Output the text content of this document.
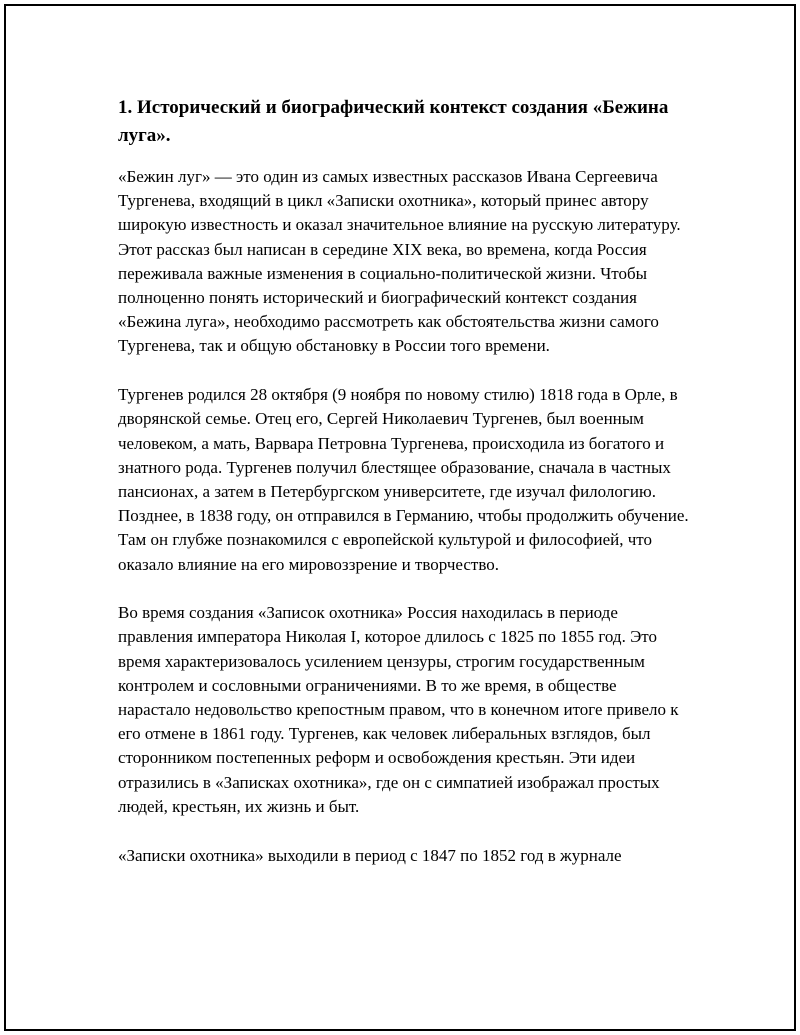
1. Исторический и биографический контекст создания «Бежина луга».

«Бежин луг» — это один из самых известных рассказов Ивана Сергеевича Тургенева, входящий в цикл «Записки охотника», который принес автору широкую известность и оказал значительное влияние на русскую литературу. Этот рассказ был написан в середине XIX века, во времена, когда Россия переживала важные изменения в социально-политической жизни. Чтобы полноценно понять исторический и биографический контекст создания «Бежина луга», необходимо рассмотреть как обстоятельства жизни самого Тургенева, так и общую обстановку в России того времени.

Тургенев родился 28 октября (9 ноября по новому стилю) 1818 года в Орле, в дворянской семье. Отец его, Сергей Николаевич Тургенев, был военным человеком, а мать, Варвара Петровна Тургенева, происходила из богатого и знатного рода. Тургенев получил блестящее образование, сначала в частных пансионах, а затем в Петербургском университете, где изучал филологию. Позднее, в 1838 году, он отправился в Германию, чтобы продолжить обучение. Там он глубже познакомился с европейской культурой и философией, что оказало влияние на его мировоззрение и творчество.

Во время создания «Записок охотника» Россия находилась в периоде правления императора Николая I, которое длилось с 1825 по 1855 год. Это время характеризовалось усилением цензуры, строгим государственным контролем и сословными ограничениями. В то же время, в обществе нарастало недовольство крепостным правом, что в конечном итоге привело к его отмене в 1861 году. Тургенев, как человек либеральных взглядов, был сторонником постепенных реформ и освобождения крестьян. Эти идеи отразились в «Записках охотника», где он с симпатией изображал простых людей, крестьян, их жизнь и быт.

«Записки охотника» выходили в период с 1847 по 1852 год в журнале
